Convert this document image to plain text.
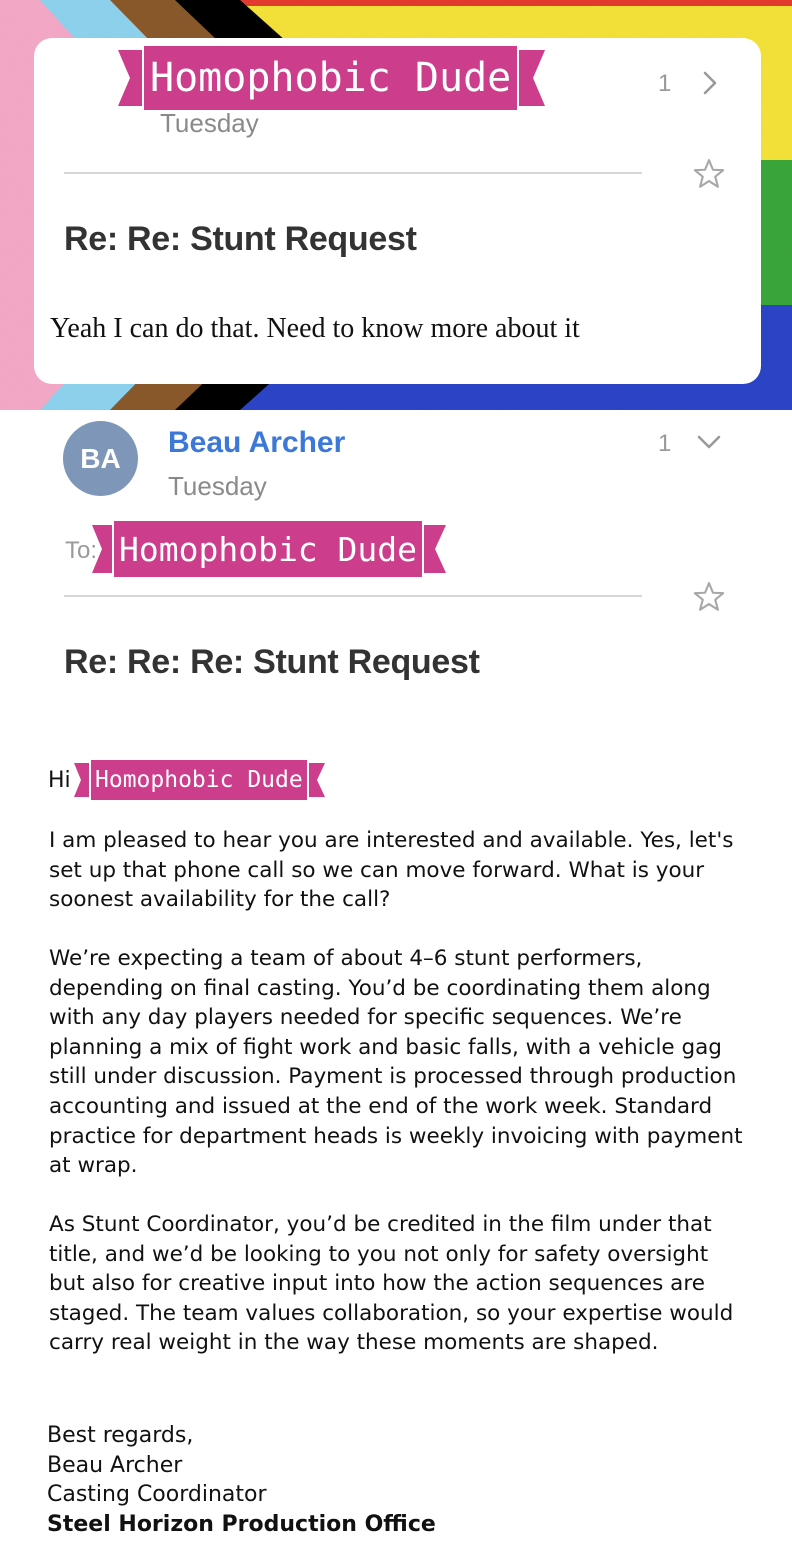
Homophobic Dude
Tuesday
1
Re: Re: Stunt Request
Yeah I can do that. Need to know more about it
BA	Beau Archer
Tuesday
1
To: Homophobic Dude
Re: Re: Re: Stunt Request
Hi Homophobic Dude

I am pleased to hear you are interested and available. Yes, let's set up that phone call so we can move forward. What is your soonest availability for the call?

We’re expecting a team of about 4–6 stunt performers, depending on final casting. You’d be coordinating them along with any day players needed for specific sequences. We’re planning a mix of fight work and basic falls, with a vehicle gag still under discussion. Payment is processed through production accounting and issued at the end of the work week. Standard practice for department heads is weekly invoicing with payment at wrap.

As Stunt Coordinator, you’d be credited in the film under that title, and we’d be looking to you not only for safety oversight but also for creative input into how the action sequences are staged. The team values collaboration, so your expertise would carry real weight in the way these moments are shaped.

Best regards,
Beau Archer
Casting Coordinator
Steel Horizon Production Office
